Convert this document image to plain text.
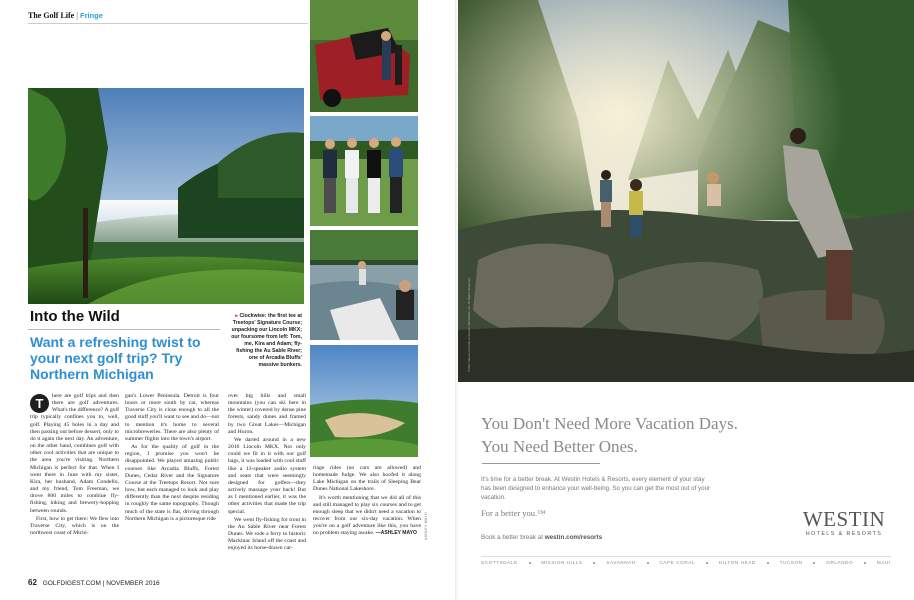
The Golf Life | Fringe
Into the Wild
Want a refreshing twist to your next golf trip? Try Northern Michigan
▸ Clockwise: the first tee at Treetops' Signature Course; unpacking our Lincoln MKX; our foursome from left: Tom, me, Kira and Adam; fly-fishing the Au Sable River; one of Arcadia Bluffs' massive bunkers.

T	here are golf trips and then there are golf adventures. What's the difference? A golf trip typically confines you to, well, golf. Playing 45 holes in a day and then passing out before dessert, only to do it again the next day. An adventure, on the other hand, combines golf with other cool activities that are unique to the area you're visiting. Northern Michigan is perfect for that. When I went there in June with my sister, Kira, her husband, Adam Condello, and my friend, Tom Freeman, we drove 800 miles to combine fly-fishing, hiking and brewery-hopping between rounds.

First, how to get there: We flew into Traverse City, which is on the northwest coast of Michi-

gan's Lower Peninsula. Detroit is four hours or more south by car, whereas Traverse City is close enough to all the good stuff you'll want to see and do—not to mention it's home to several microbreweries. There are also plenty of summer flights into the town's airport.

As for the quality of golf in the region, I promise you won't be disappointed. We played amazing public courses like Arcadia Bluffs, Forest Dunes, Cedar River and the Signature Course at the Treetops Resort. Not sure how, but each managed to look and play differently than the next despite residing in roughly the same topography. Though much of the state is flat, driving through Northern Michigan is a picturesque ride

over big hills and small mountains (you can ski here in the winter) covered by dense pine forests, sandy dunes and framed by two Great Lakes—Michigan and Huron.

We darted around in a new 2016 Lincoln MKX. Not only could we fit in it with our golf bags, it was loaded with cool stuff like a 13-speaker audio system and seats that were seemingly designed for golfers—they actively massage your back! But as I mentioned earlier, it was the other activities that made the trip special.

We went fly-fishing for trout in the Au Sable River near Forest Dunes. We rode a ferry to historic Mackinac Island off the coast and enjoyed its horse-drawn car-

riage rides (no cars are allowed) and homemade fudge. We also hoofed it along Lake Michigan on the trails of Sleeping Bear Dunes National Lakeshore.

It's worth mentioning that we did all of this and still managed to play six courses and to get enough sleep that we didn't need a vacation to recover from our six-day vacation. When you're on a golf adventure like this, you have no problem staying awake. —ASHLEY MAYO	ASHLEY MAYO
62 GOLFDIGEST.COM | NOVEMBER 2016
©2016 Starwood Hotels & Resorts Worldwide, Inc. All Rights Reserved.
You Don't Need More Vacation Days.
You Need Better Ones.
It's time for a better break. At Westin Hotels & Resorts, every element of your stay has been designed to enhance your well-being. So you can get the most out of your vacation.
For a better you.™
Book a better break at westin.com/resorts
WESTIN
HOTELS & RESORTS
SCOTTSDALE	MISSION HILLS	SAVANNAH	CAPE CORAL	HILTON HEAD	TUCSON	ORLANDO	MAUI
